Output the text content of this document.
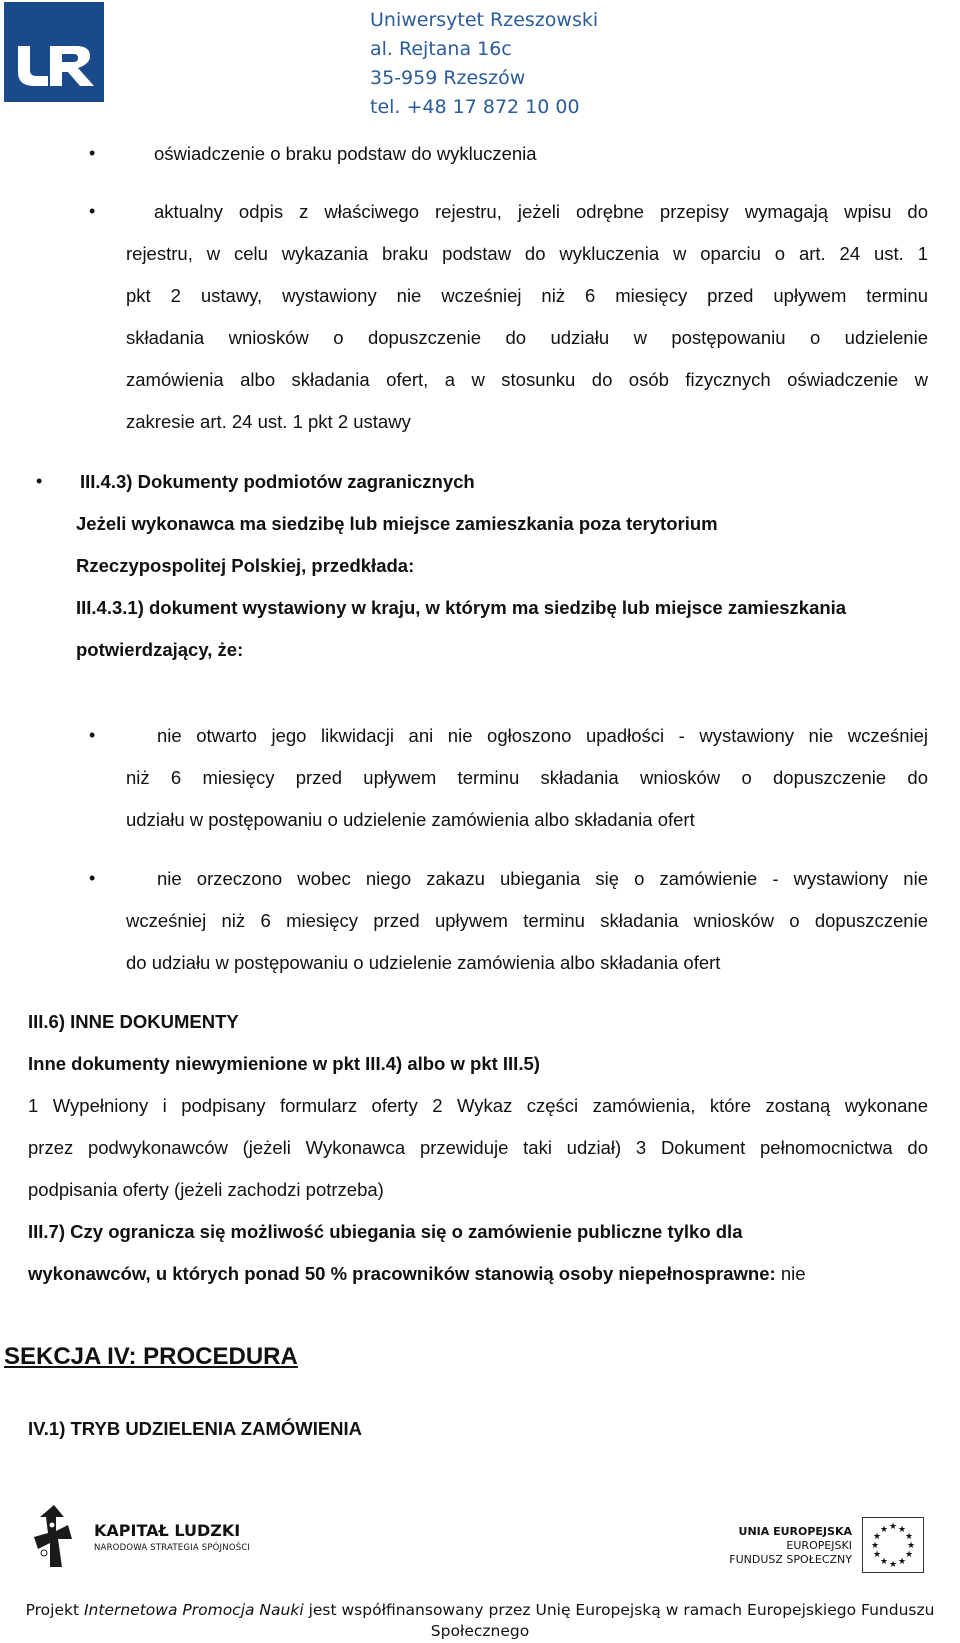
Uniwersytet Rzeszowski
al. Rejtana 16c
35-959 Rzeszów
tel. +48 17 872 10 00
•	oświadczenie o braku podstaw do wykluczenia
•	aktualny odpis z właściwego rejestru, jeżeli odrębne przepisy wymagają wpisu do
rejestru, w celu wykazania braku podstaw do wykluczenia w oparciu o art. 24 ust. 1
pkt 2 ustawy, wystawiony nie wcześniej niż 6 miesięcy przed upływem terminu
składania wniosków o dopuszczenie do udziału w postępowaniu o udzielenie
zamówienia albo składania ofert, a w stosunku do osób fizycznych oświadczenie w
zakresie art. 24 ust. 1 pkt 2 ustawy
• III.4.3) Dokumenty podmiotów zagranicznych
Jeżeli wykonawca ma siedzibę lub miejsce zamieszkania poza terytorium
Rzeczypospolitej Polskiej, przedkłada:
III.4.3.1) dokument wystawiony w kraju, w którym ma siedzibę lub miejsce zamieszkania
potwierdzający, że:
•	nie otwarto jego likwidacji ani nie ogłoszono upadłości - wystawiony nie wcześniej
niż 6 miesięcy przed upływem terminu składania wniosków o dopuszczenie do
udziału w postępowaniu o udzielenie zamówienia albo składania ofert
•	nie orzeczono wobec niego zakazu ubiegania się o zamówienie - wystawiony nie
wcześniej niż 6 miesięcy przed upływem terminu składania wniosków o dopuszczenie
do udziału w postępowaniu o udzielenie zamówienia albo składania ofert
III.6) INNE DOKUMENTY
Inne dokumenty niewymienione w pkt III.4) albo w pkt III.5)
1 Wypełniony i podpisany formularz oferty 2 Wykaz części zamówienia, które zostaną wykonane
przez podwykonawców (jeżeli Wykonawca przewiduje taki udział) 3 Dokument pełnomocnictwa do
podpisania oferty (jeżeli zachodzi potrzeba)
III.7) Czy ogranicza się możliwość ubiegania się o zamówienie publiczne tylko dla
wykonawców, u których ponad 50 % pracowników stanowią osoby niepełnosprawne: nie
SEKCJA IV: PROCEDURA
IV.1) TRYB UDZIELENIA ZAMÓWIENIA
KAPITAŁ LUDZKI
NARODOWA STRATEGIA SPÓJNOŚCI
UNIA EUROPEJSKA
EUROPEJSKI
FUNDUSZ SPOŁECZNY
★ ★
★
★
★
★
★
★
★
★
★
★
Projekt Internetowa Promocja Nauki jest współfinansowany przez Unię Europejską w ramach Europejskiego Funduszu
Społecznego
